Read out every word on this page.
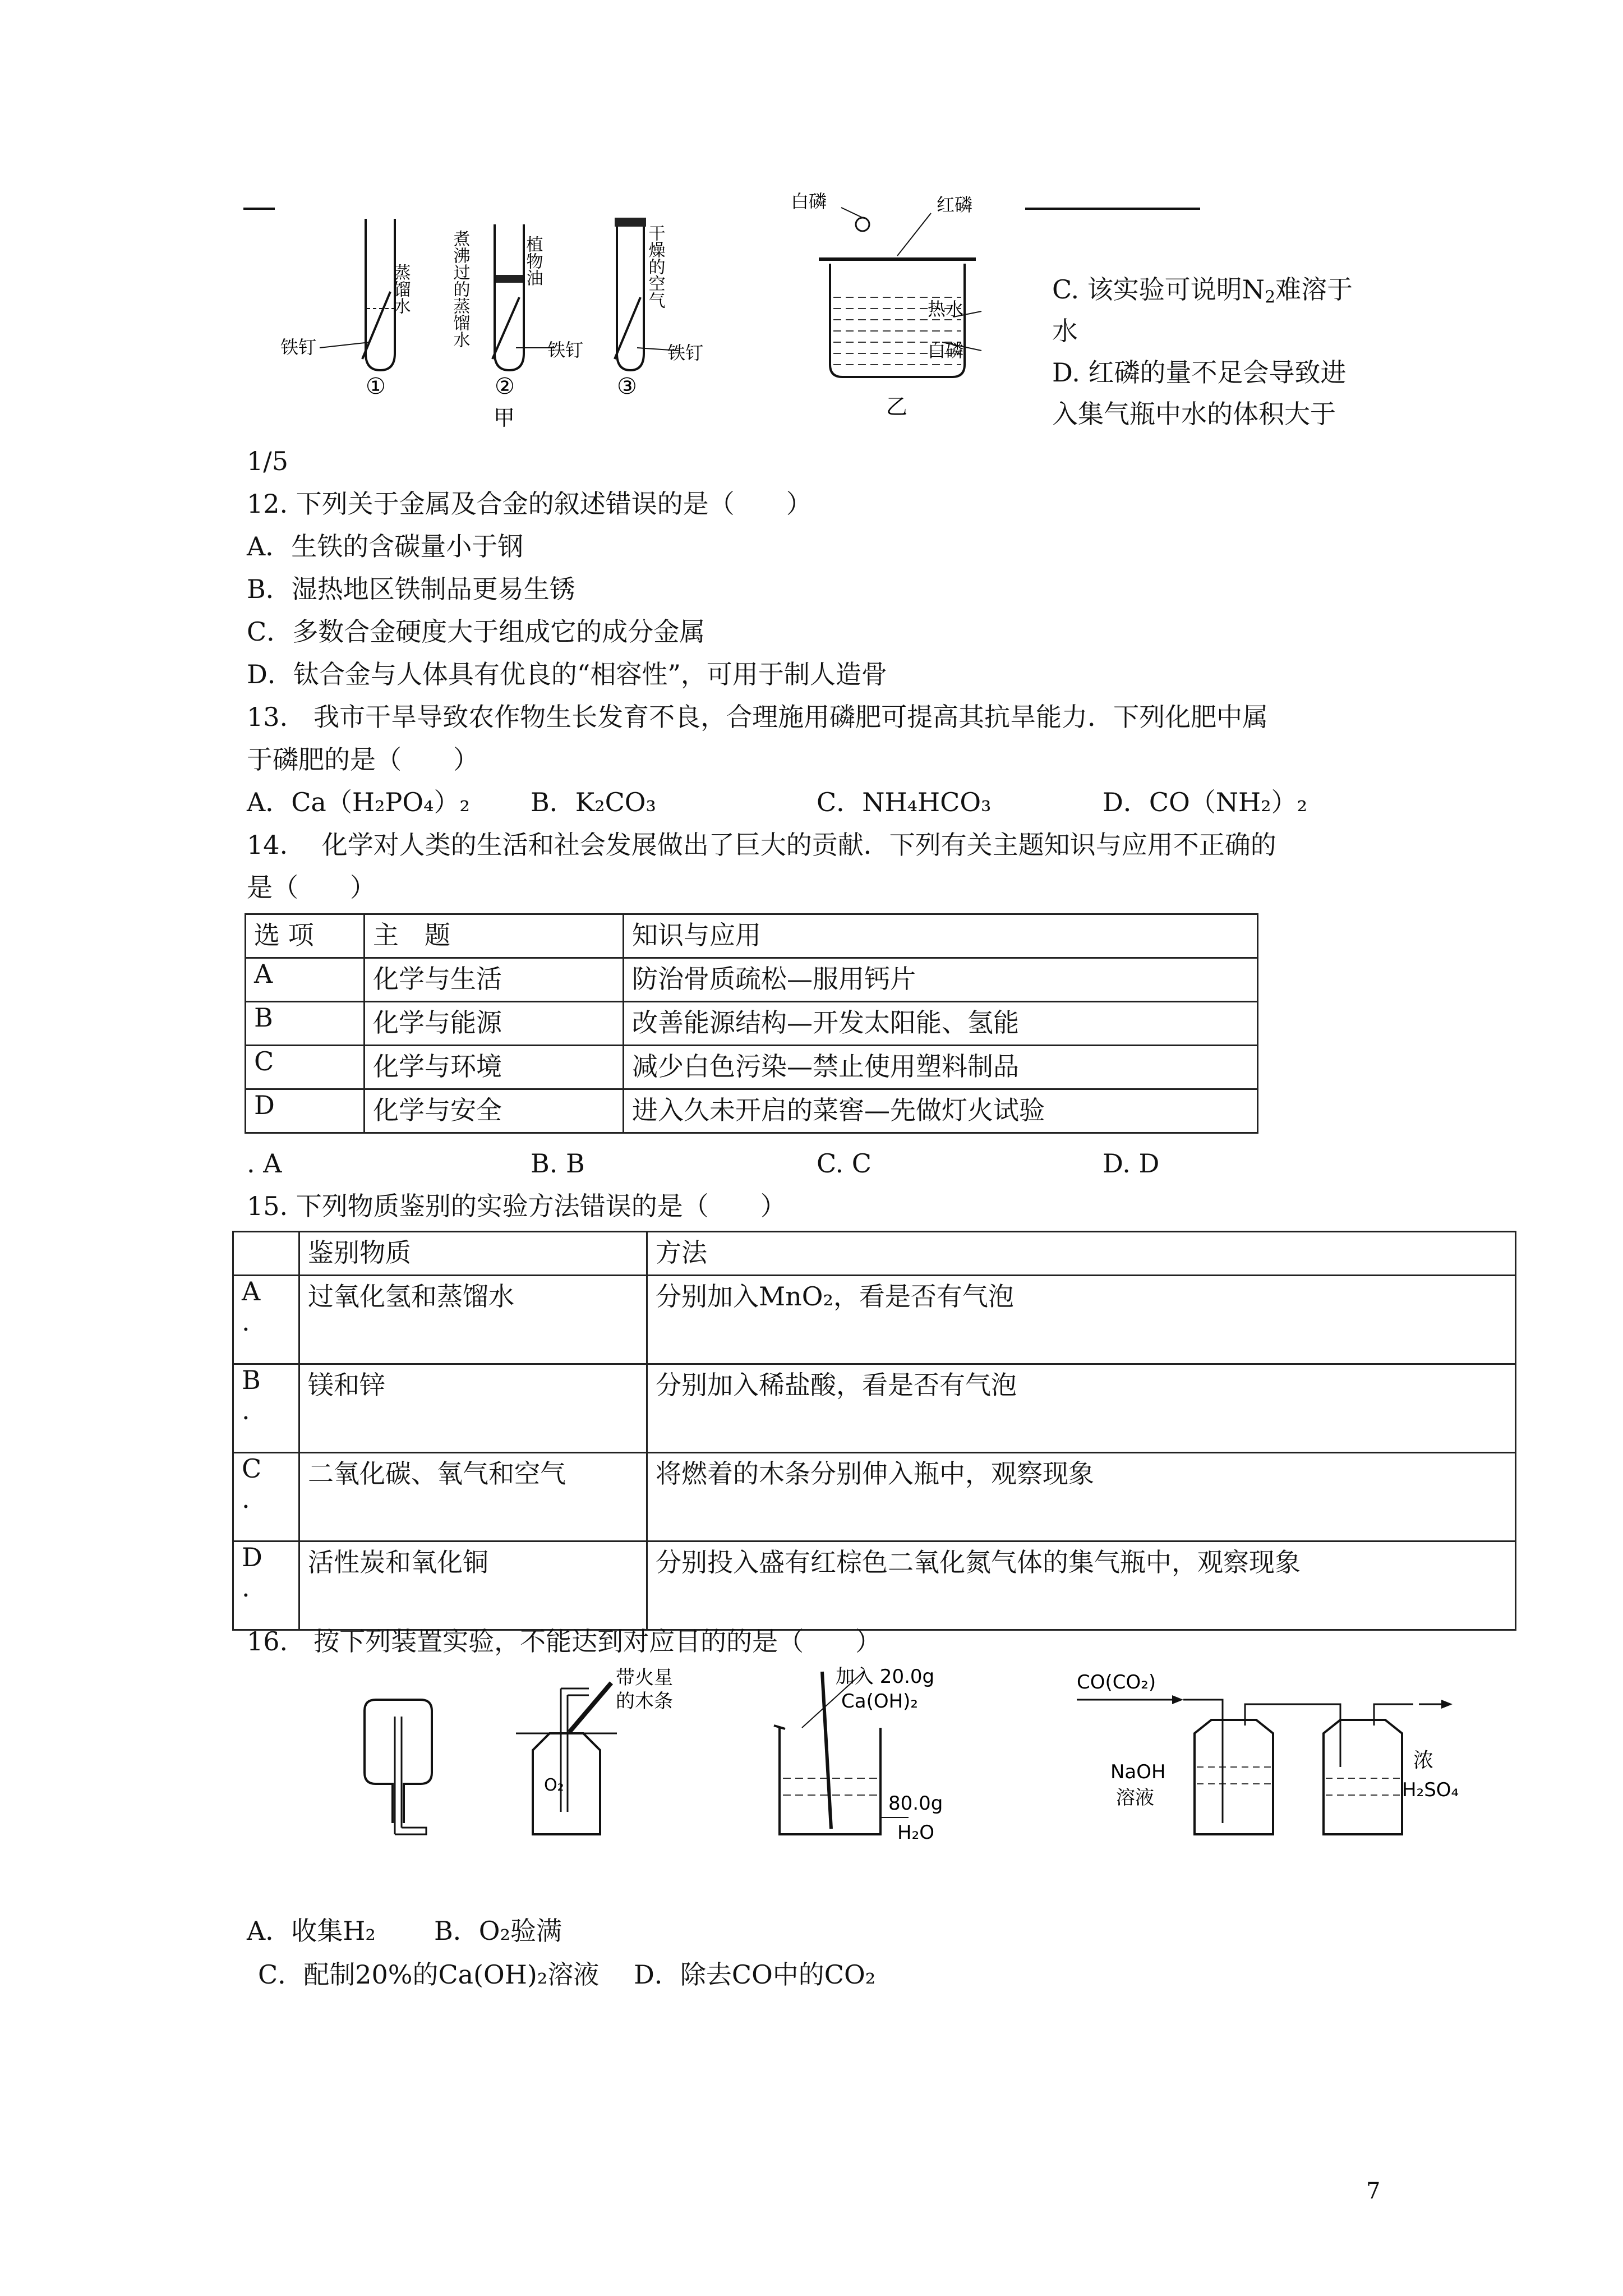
铁钉
蒸馏水 煮沸过的蒸馏水	植物油
铁钉
干燥的空气
铁钉
①	②	③
甲
白磷	红磷
热水
白磷
乙
C. 该实验可说明$N_2$难溶于
水
D. 红磷的量不足会导致进
入集气瓶中水的体积大于
1/5
12. 下列关于金属及合金的叙述错误的是（　　）
A．生铁的含碳量小于钢
B．湿热地区铁制品更易生锈
C．多数合金硬度大于组成它的成分金属
D．钛合金与人体具有优良的“相容性”，可用于制人造骨
13.　我市干旱导致农作物生长发育不良，合理施用磷肥可提高其抗旱能力．下列化肥中属
于磷肥的是（　　）
A．Ca（H₂PO₄）₂ B．K₂CO₃	C．NH₄HCO₃	D．CO（NH₂）₂
14.　 化学对人类的生活和社会发展做出了巨大的贡献．下列有关主题知识与应用不正确的
是（　　）
选 项	主　题	知识与应用
A	化学与生活	防治骨质疏松—服用钙片
B	化学与能源	改善能源结构—开发太阳能、氢能
C	化学与环境	减少白色污染—禁止使用塑料制品
D	化学与安全	进入久未开启的菜窖—先做灯火试验
. A	B. B	C. C	D. D
15. 下列物质鉴别的实验方法错误的是（　　）
	鉴别物质	方法

A
.	过氧化氢和蒸馏水	分别加入MnO₂，看是否有气泡

B
.	镁和锌	分别加入稀盐酸，看是否有气泡

C
.	二氧化碳、氧气和空气	将燃着的木条分别伸入瓶中，观察现象

D
.	活性炭和氧化铜	分别投入盛有红棕色二氧化氮气体的集气瓶中，观察现象
16.　按下列装置实验，不能达到对应目的的是（　　）
带火星
的木条
O₂
加入 20.0g
Ca(OH)₂
80.0g
H₂O
CO(CO₂)
NaOH
溶液
浓
H₂SO₄
A．收集H₂ B．O₂验满
C．配制20%的Ca(OH)₂溶液 D．除去CO中的CO₂
7
